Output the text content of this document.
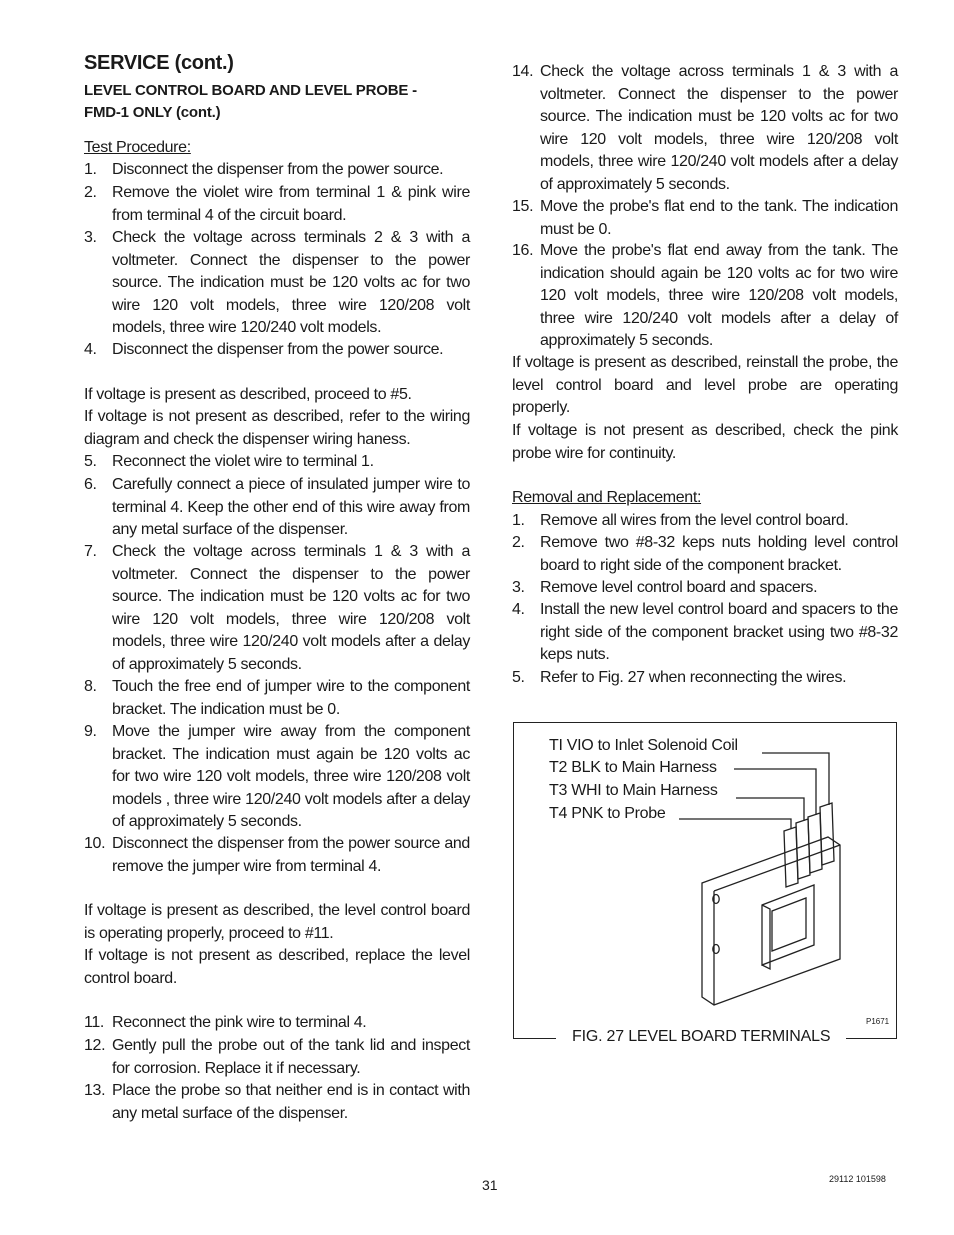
SERVICE (cont.)
LEVEL CONTROL BOARD AND LEVEL PROBE -
FMD-1 ONLY (cont.)
Test Procedure:
1. Disconnect the dispenser from the power source.
2. Remove the violet wire from terminal 1 & pink wire from terminal 4 of the circuit board.
3. Check the voltage across terminals 2 & 3 with a voltmeter. Connect the dispenser to the power source. The indication must be 120 volts ac for two wire 120 volt models, three wire 120/208 volt models, three wire 120/240 volt models.
4. Disconnect the dispenser from the power source.
If voltage is present as described, proceed to #5.
If voltage is not present as described, refer to the wiring diagram and check the dispenser wiring haness.
5. Reconnect the violet wire to terminal 1.
6. Carefully connect a piece of insulated jumper wire to terminal 4. Keep the other end of this wire away from any metal surface of the dispenser.
7. Check the voltage across terminals 1 & 3 with a voltmeter. Connect the dispenser to the power source. The indication must be 120 volts ac for two wire 120 volt models, three wire 120/208 volt models, three wire 120/240 volt models after a delay of approximately 5 seconds.
8. Touch the free end of jumper wire to the component bracket. The indication must be 0.
9. Move the jumper wire away from the component bracket. The indication must again be 120 volts ac for two wire 120 volt models, three wire 120/208 volt models , three wire 120/240 volt models after a delay of approximately 5 seconds.
10. Disconnect the dispenser from the power source and remove the jumper wire from terminal 4.
If voltage is present as described, the level control board is operating properly, proceed to #11.
If voltage is not present as described, replace the level control board.
11. Reconnect the pink wire to terminal 4.
12. Gently pull the probe out of the tank lid and inspect for corrosion. Replace it if necessary.
13. Place the probe so that neither end is in contact with any metal surface of the dispenser.
14. Check the voltage across terminals 1 & 3 with a voltmeter. Connect the dispenser to the power source. The indication must be 120 volts ac for two wire 120 volt models, three wire 120/208 volt models, three wire 120/240 volt models after a delay of approximately 5 seconds.
15. Move the probe's flat end to the tank. The indication must be 0.
16. Move the probe's flat end away from the tank. The indication should again be 120 volts ac for two wire 120 volt models, three wire 120/208 volt models, three wire 120/240 volt models after a delay of approximately 5 seconds.
If voltage is present as described, reinstall the probe, the level control board and level probe are operating properly.
If voltage is not present as described, check the pink probe wire for continuity.
Removal and Replacement:
1. Remove all wires from the level control board.
2. Remove two #8-32 keps nuts holding level control board to right side of the component bracket.
3. Remove level control board and spacers.
4. Install the new level control board and spacers to the right side of the component bracket using two #8-32 keps nuts.
5. Refer to Fig. 27 when reconnecting the wires.
TI VIO to Inlet Solenoid Coil
T2 BLK to Main Harness
T3 WHI to Main Harness
T4 PNK to Probe
P1671
FIG. 27 LEVEL BOARD TERMINALS
31	29112 101598
